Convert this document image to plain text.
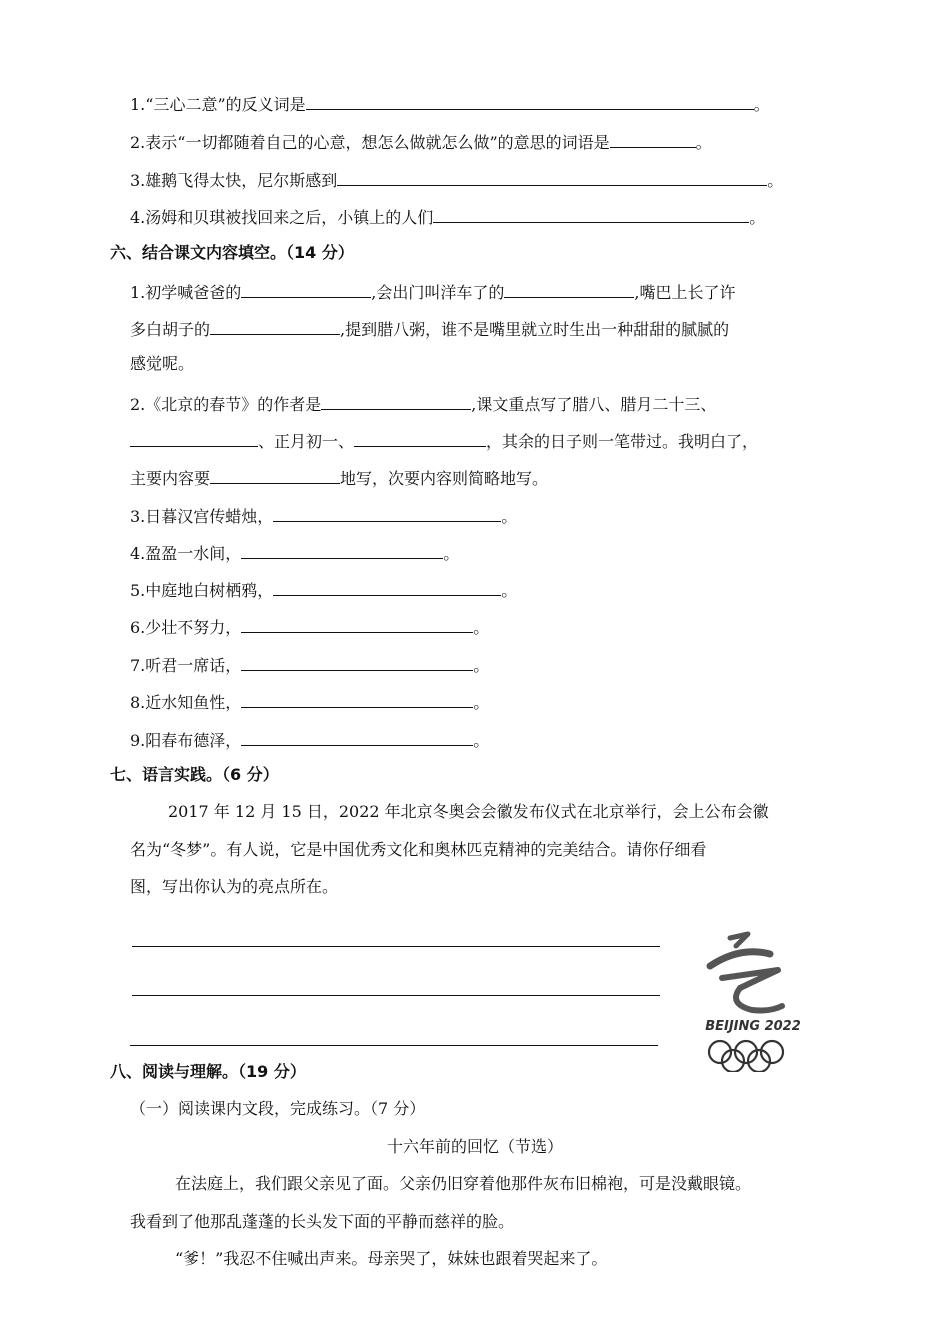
1.“三心二意”的反义词是	。
2.表示“一切都随着自己的心意，想怎么做就怎么做”的意思的词语是	。
3.雄鹅飞得太快，尼尔斯感到	。
4.汤姆和贝琪被找回来之后，小镇上的人们	。
六、结合课文内容填空。（14 分）
1.初学喊爸爸的	,会出门叫洋车了的	,嘴巴上长了许
多白胡子的	,提到腊八粥，谁不是嘴里就立时生出一种甜甜的腻腻的
感觉呢。
2.《北京的春节》的作者是	,课文重点写了腊八、腊月二十三、
、正月初一、	，其余的日子则一笔带过。我明白了，
主要内容要	地写，次要内容则简略地写。
3.日暮汉宫传蜡烛，	。
4.盈盈一水间，	。
5.中庭地白树栖鸦，	。
6.少壮不努力，	。
7.听君一席话，	。
8.近水知鱼性，	。
9.阳春布德泽，	。
七、语言实践。（6 分）
2017 年 12 月 15 日，2022 年北京冬奥会会徽发布仪式在北京举行，会上公布会徽
名为“冬梦”。有人说，它是中国优秀文化和奥林匹克精神的完美结合。请你仔细看
图，写出你认为的亮点所在。
BEIJING 2022
八、阅读与理解。（19 分）
（一）阅读课内文段，完成练习。（7 分）
十六年前的回忆（节选）
在法庭上，我们跟父亲见了面。父亲仍旧穿着他那件灰布旧棉袍，可是没戴眼镜。
我看到了他那乱蓬蓬的长头发下面的平静而慈祥的脸。
“爹！”我忍不住喊出声来。母亲哭了，妹妹也跟着哭起来了。
